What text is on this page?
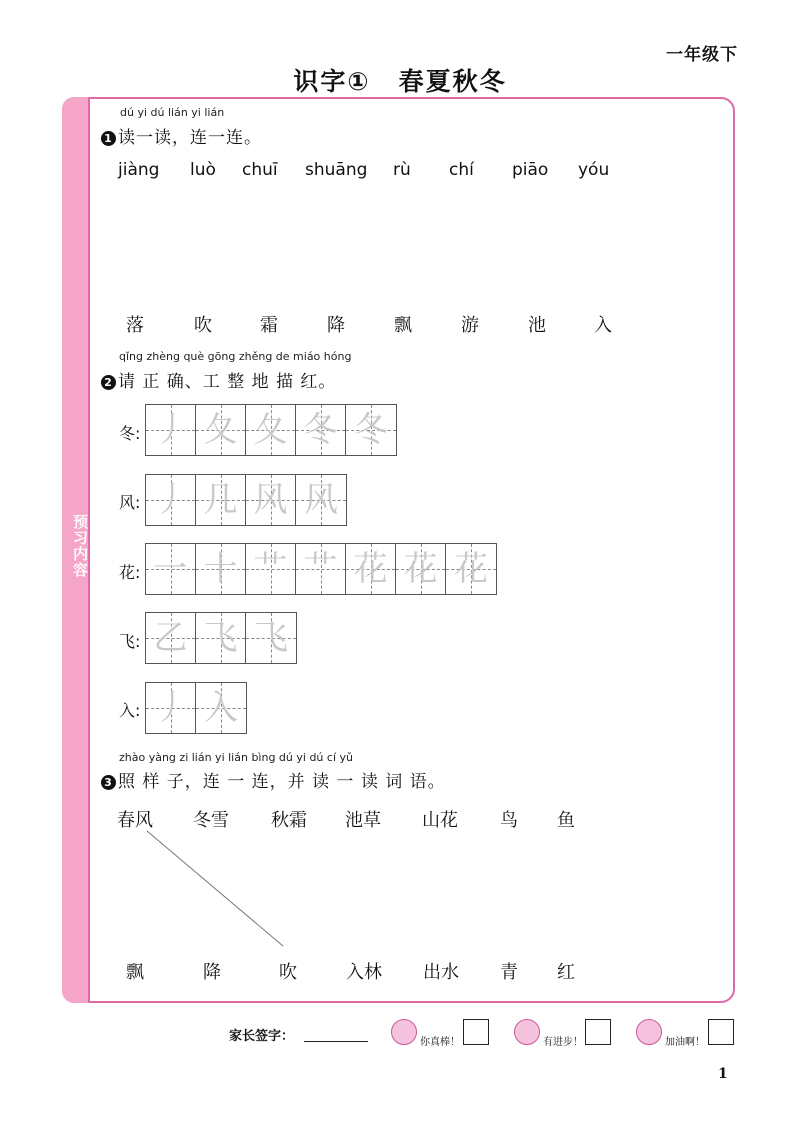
一年级下
识字① 春夏秋冬
预习内容
dú yi dú lián yi lián
1 读一读，连一连。
jiàng luò chuī shuāng rù chí piāo yóu
落	吹	霜	降	飘	游	池	入
qǐng zhèng què gōng zhěng de miáo hóng
2 请 正 确、工 整 地 描 红。
冬: 丿 夂 夂 冬 冬
风: 丿 几 风 风
花: 一 十 艹 艹 花 花 花
飞: 乙 飞 飞
入: 丿 入
zhào yàng zi lián yi lián bìng dú yi dú cí yǔ
3 照 样 子，连 一 连，并 读 一 读 词 语。
春风 冬雪 秋霜 池草 山花 鸟 鱼
飘	降	吹	入林 出水 青 红
家长签字：	你真棒！	有进步！	加油啊！
1
